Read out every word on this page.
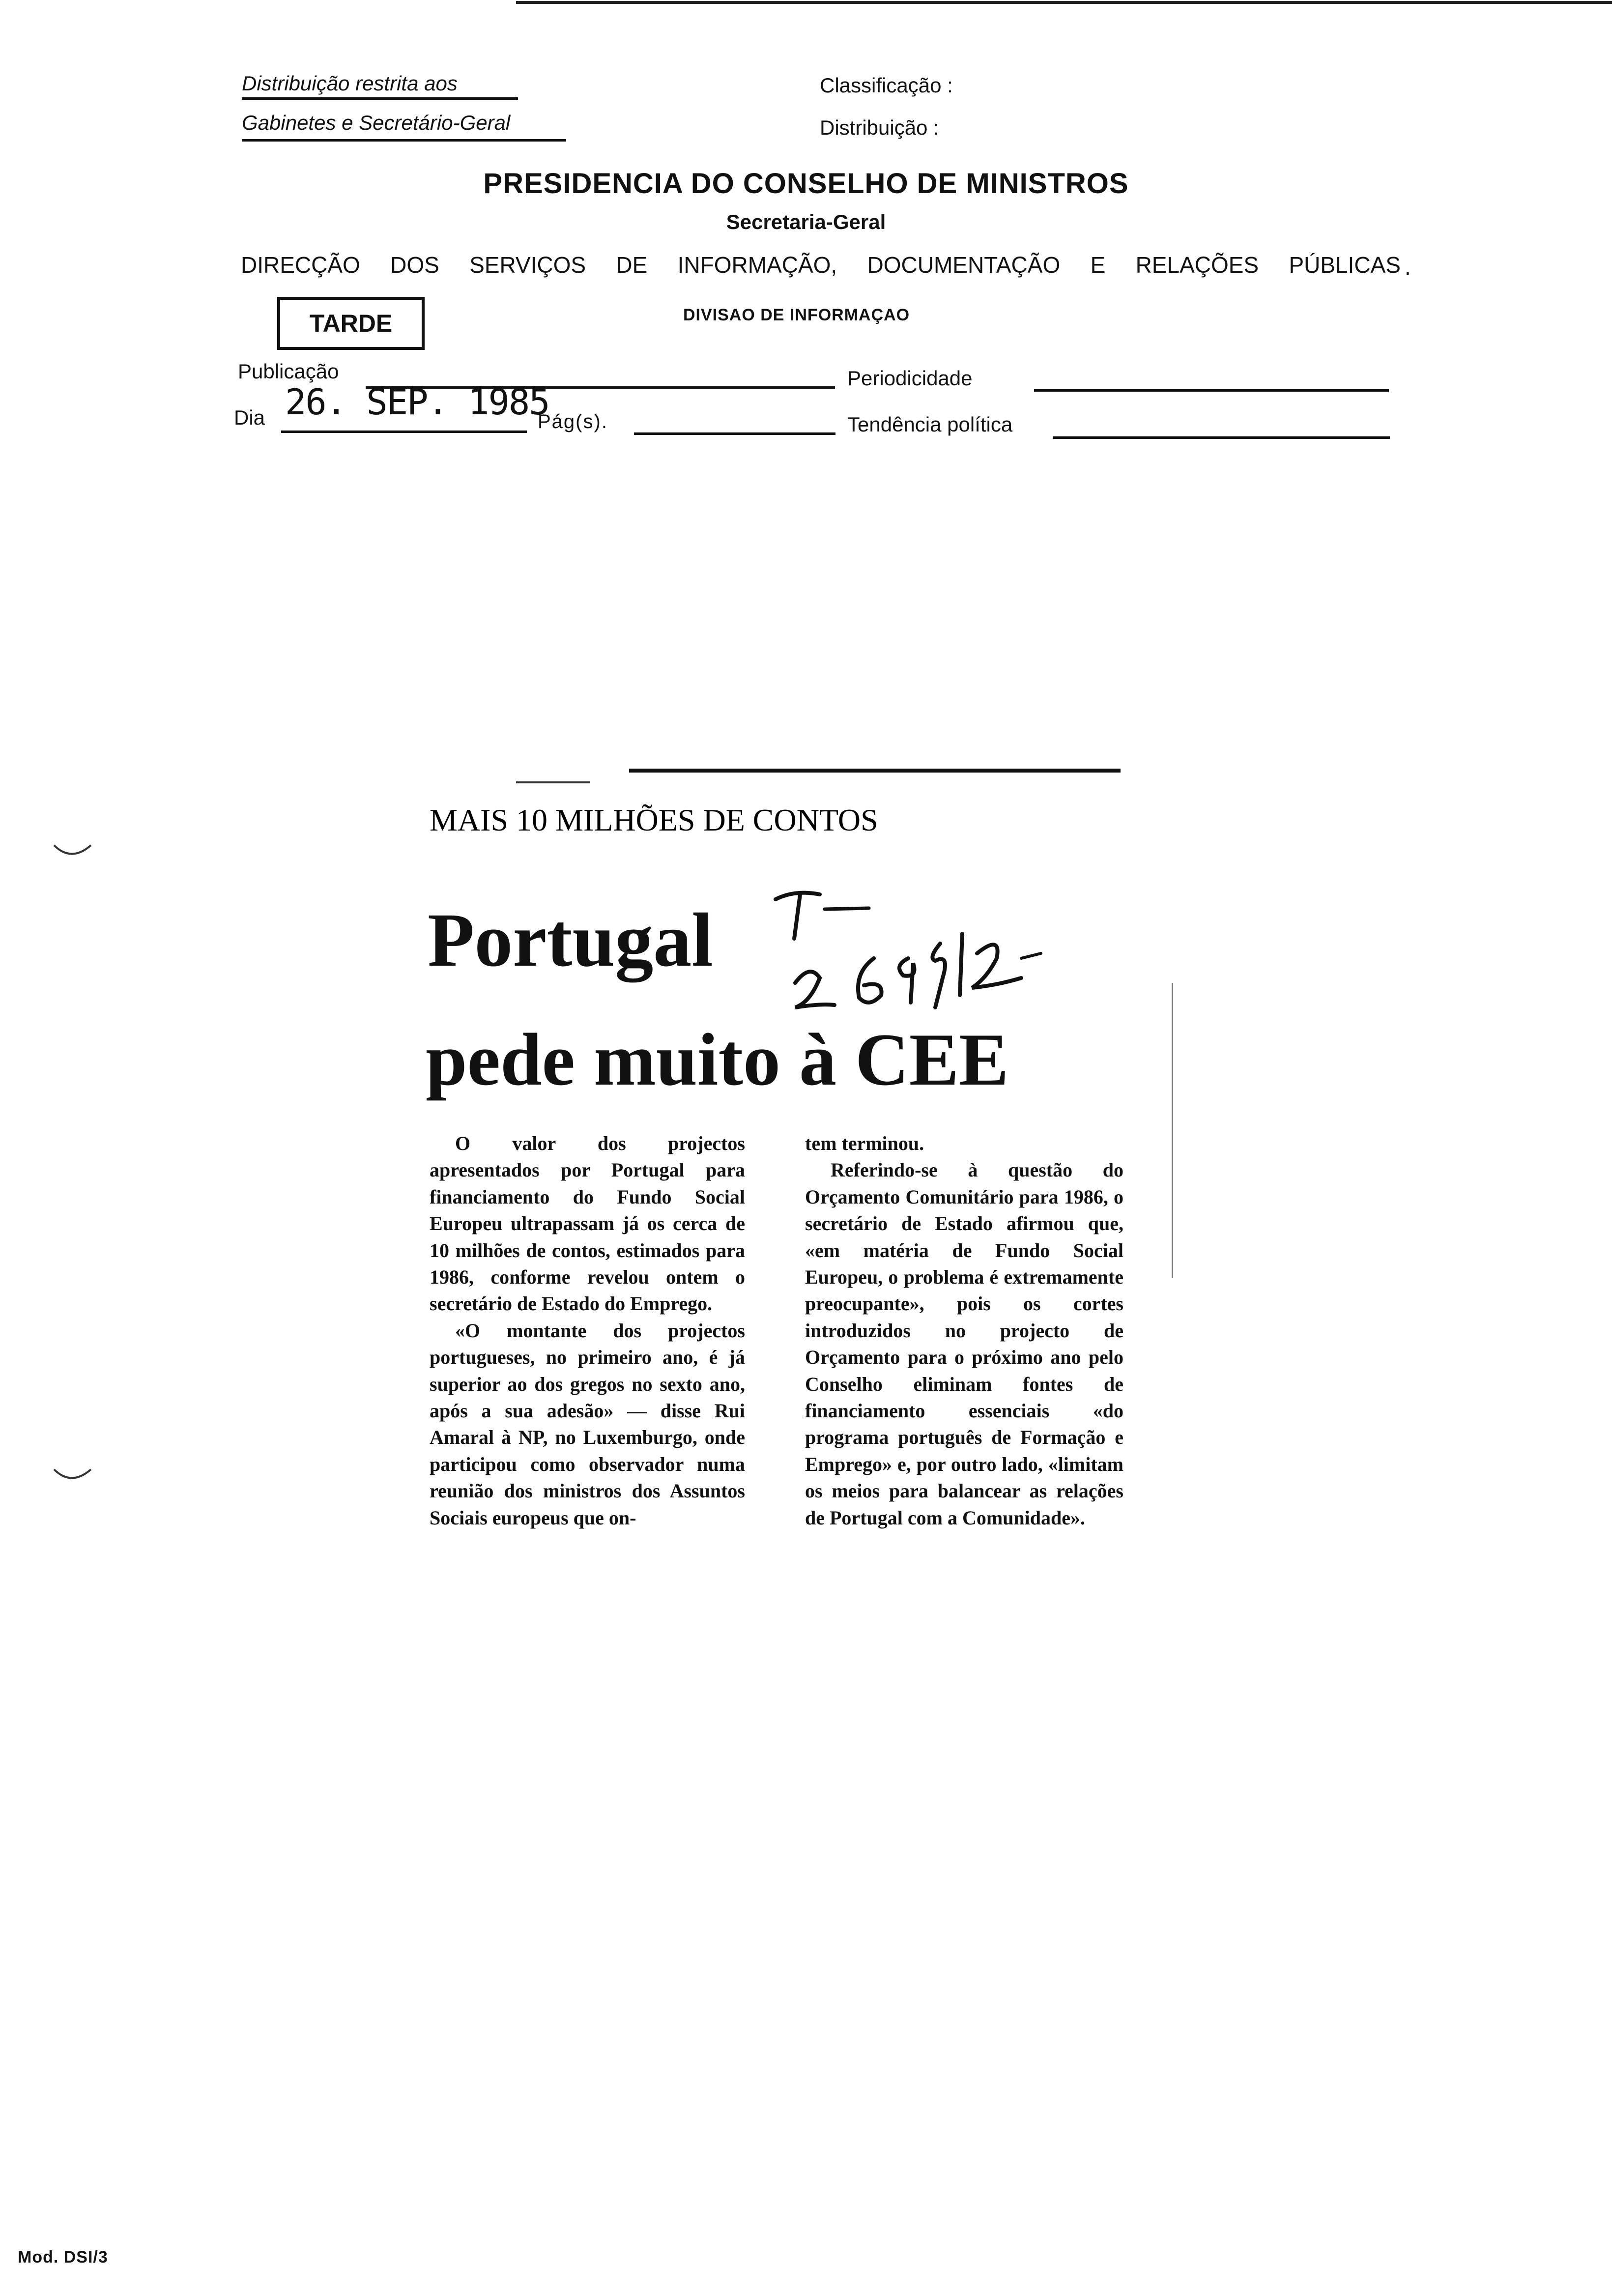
Distribuição restrita aos
Gabinetes e Secretário-Geral
Classificação :
Distribuição :
PRESIDENCIA DO CONSELHO DE MINISTROS
Secretaria-Geral
DIRECÇÃO DOS SERVIÇOS DE INFORMAÇÃO, DOCUMENTAÇÃO E RELAÇÕES PÚBLICAS .
TARDE	DIVISAO DE INFORMAÇAO
Publicação	Periodicidade
Dia 26. SEP. 1985
Pág(s).	Tendência política
MAIS 10 MILHÕES DE CONTOS
Portugal
pede muito à CEE

O valor dos projectos apresentados por Portugal para financiamento do Fundo Social Europeu ultrapassam já os cerca de 10 milhões de contos, estimados para 1986, conforme revelou ontem o secretário de Estado do Emprego.

«O montante dos projectos portugueses, no primeiro ano, é já superior ao dos gregos no sexto ano, após a sua adesão» — disse Rui Amaral à NP, no Luxemburgo, onde participou como observador numa reunião dos ministros dos Assuntos Sociais europeus que on-

tem terminou.

Referindo-se à questão do Orçamento Comunitário para 1986, o secretário de Estado afirmou que, «em matéria de Fundo Social Europeu, o problema é extremamente preocupante», pois os cortes introduzidos no projecto de Orçamento para o próximo ano pelo Conselho eliminam fontes de financiamento essenciais «do programa português de Formação e Emprego» e, por outro lado, «limitam os meios para balancear as relações de Portugal com a Comunidade».

Mod. DSI/3
